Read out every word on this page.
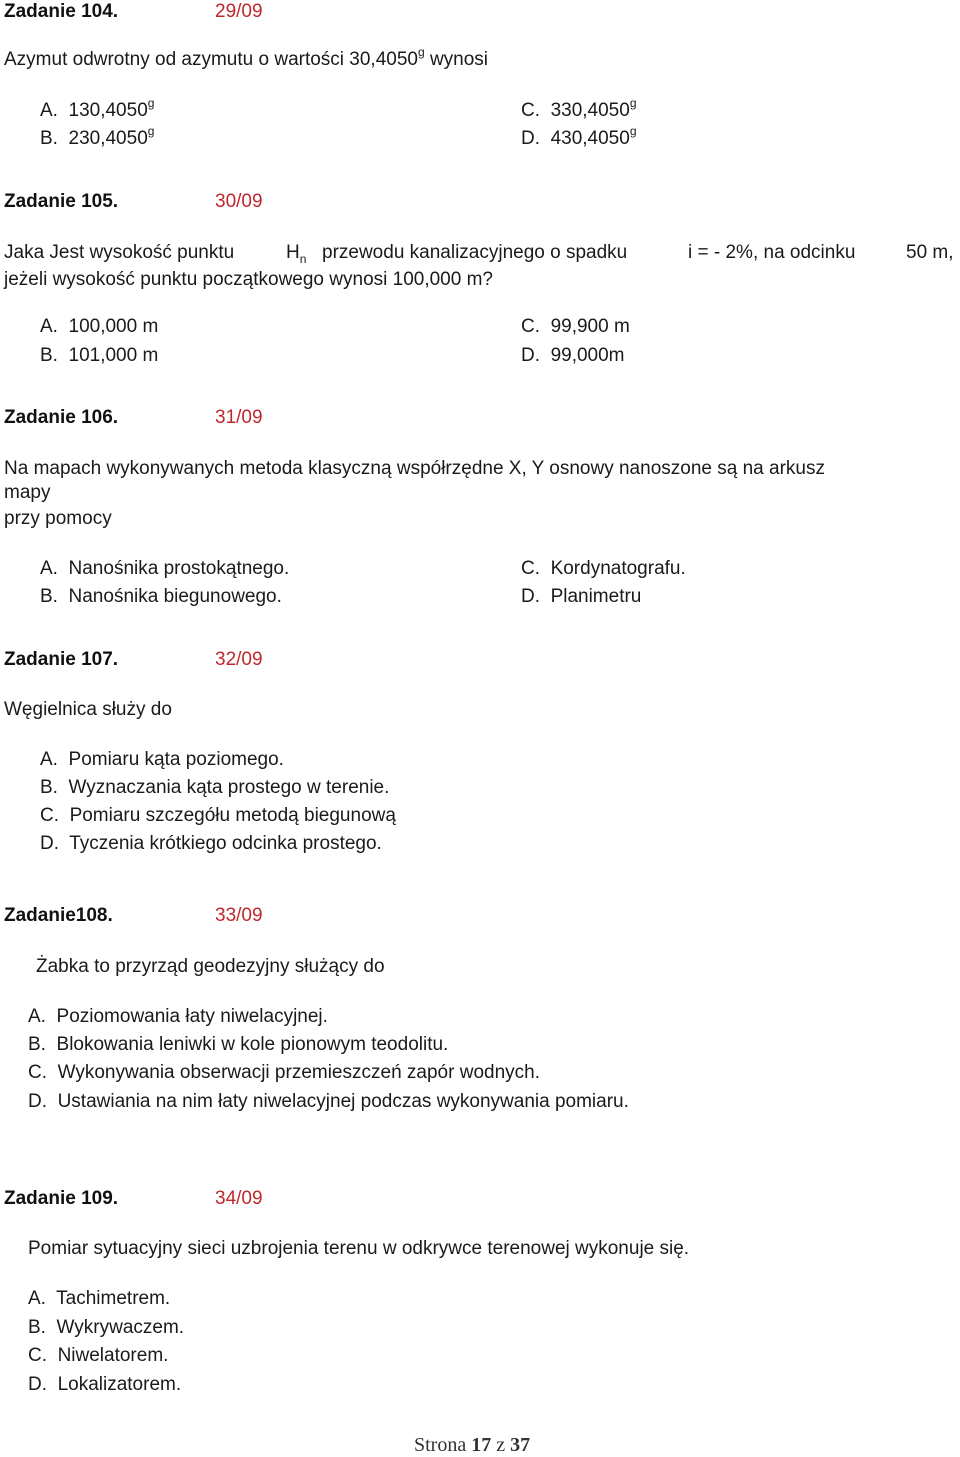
Zadanie 104.	29/09
Azymut odwrotny od azymutu o wartości 30,4050$^g$ wynosi
A. 130,4050$^g$
B. 230,4050$^g$
C. 330,4050$^g$
D. 430,4050$^g$
Zadanie 105.	30/09
Jaka Jest wysokość punktu	$H_n$ przewodu kanalizacyjnego o spadku	i = - 2%, na odcinku	50 m,
jeżeli wysokość punktu początkowego wynosi 100,000 m?
A. 100,000 m
B. 101,000 m
C. 99,900 m
D. 99,000m
Zadanie 106.	31/09
Na mapach wykonywanych metoda klasyczną współrzędne X, Y osnowy nanoszone są na arkusz
mapy
przy pomocy
A. Nanośnika prostokątnego.
B. Nanośnika biegunowego.
C. Kordynatografu.
D. Planimetru
Zadanie 107.	32/09
Węgielnica służy do
A. Pomiaru kąta poziomego.
B. Wyznaczania kąta prostego w terenie.
C. Pomiaru szczegółu metodą biegunową
D. Tyczenia krótkiego odcinka prostego.
Zadanie108.	33/09
Żabka to przyrząd geodezyjny służący do
A. Poziomowania łaty niwelacyjnej.
B. Blokowania leniwki w kole pionowym teodolitu.
C. Wykonywania obserwacji przemieszczeń zapór wodnych.
D. Ustawiania na nim łaty niwelacyjnej podczas wykonywania pomiaru.
Zadanie 109.	34/09
Pomiar sytuacyjny sieci uzbrojenia terenu w odkrywce terenowej wykonuje się.
A. Tachimetrem.
B. Wykrywaczem.
C. Niwelatorem.
D. Lokalizatorem.
Strona 17 z 37
